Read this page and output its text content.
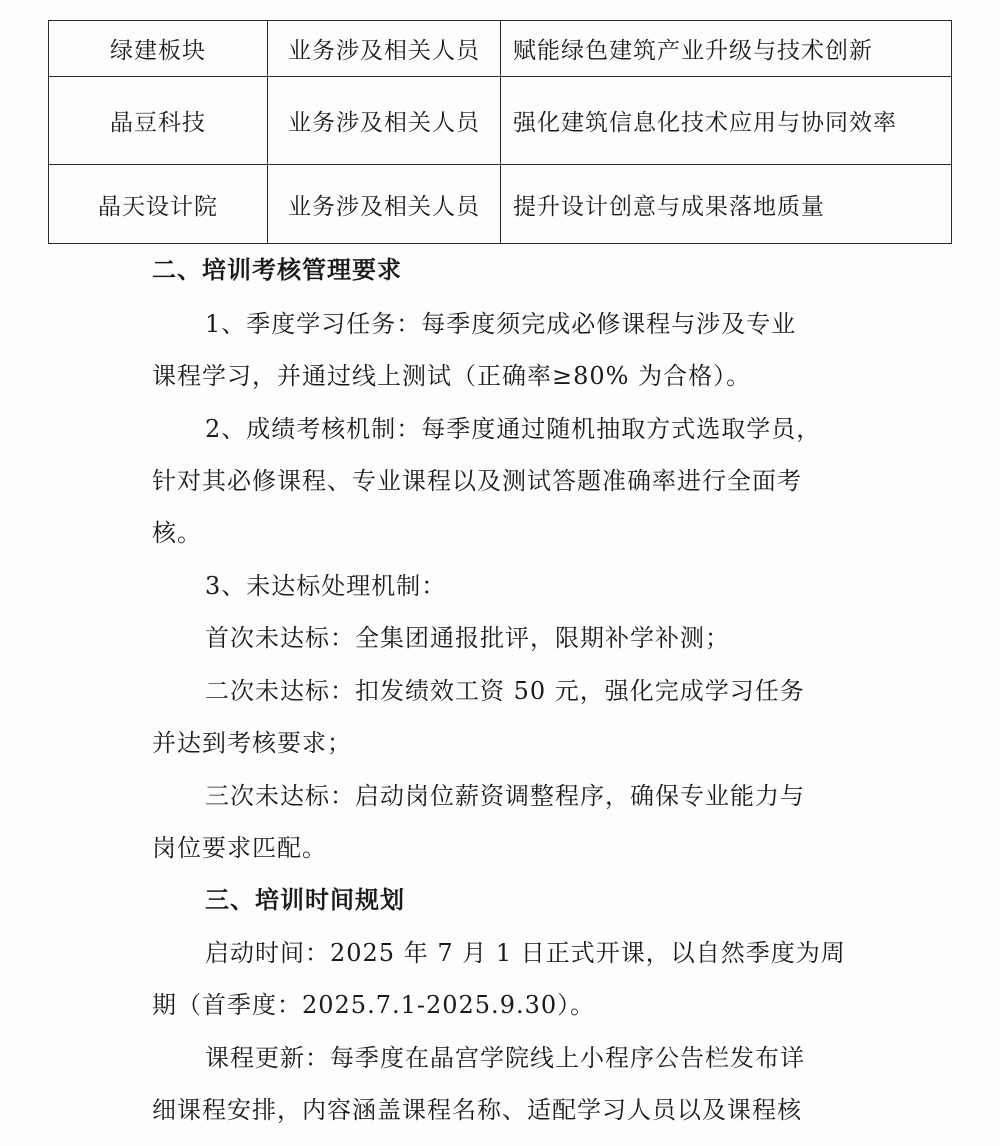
绿建板块	业务涉及相关人员	赋能绿色建筑产业升级与技术创新
晶豆科技	业务涉及相关人员	强化建筑信息化技术应用与协同效率
晶天设计院	业务涉及相关人员	提升设计创意与成果落地质量
二、培训考核管理要求
1、季度学习任务：每季度须完成必修课程与涉及专业
课程学习，并通过线上测试（正确率≥80% 为合格）。
2、成绩考核机制：每季度通过随机抽取方式选取学员，
针对其必修课程、专业课程以及测试答题准确率进行全面考
核。
3、未达标处理机制：
首次未达标：全集团通报批评，限期补学补测；
二次未达标：扣发绩效工资 50 元，强化完成学习任务
并达到考核要求；
三次未达标：启动岗位薪资调整程序，确保专业能力与
岗位要求匹配。
三、培训时间规划
启动时间：2025 年 7 月 1 日正式开课，以自然季度为周
期（首季度：2025.7.1-2025.9.30）。
课程更新：每季度在晶宫学院线上小程序公告栏发布详
细课程安排，内容涵盖课程名称、适配学习人员以及课程核
